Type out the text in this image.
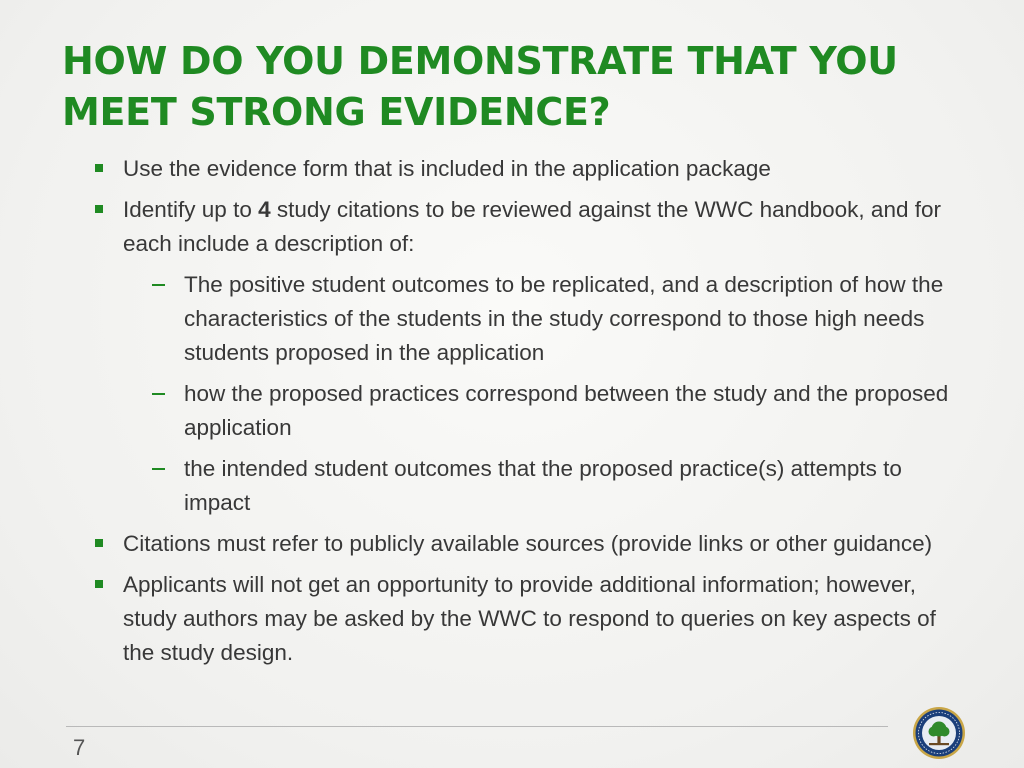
HOW DO YOU DEMONSTRATE THAT YOU MEET STRONG EVIDENCE?
Use the evidence form that is included in the application package
Identify up to 4 study citations to be reviewed against the WWC handbook, and for each include a description of:
The positive student outcomes to be replicated, and a description of how the characteristics of the students in the study correspond to those high needs students proposed in the application
how the proposed practices correspond between the study and the proposed application
the intended student outcomes that the proposed practice(s) attempts to impact
Citations must refer to publicly available sources (provide links or other guidance)
Applicants will not get an opportunity to provide additional information; however, study authors may be asked by the WWC to respond to queries on key aspects of the study design.
7
